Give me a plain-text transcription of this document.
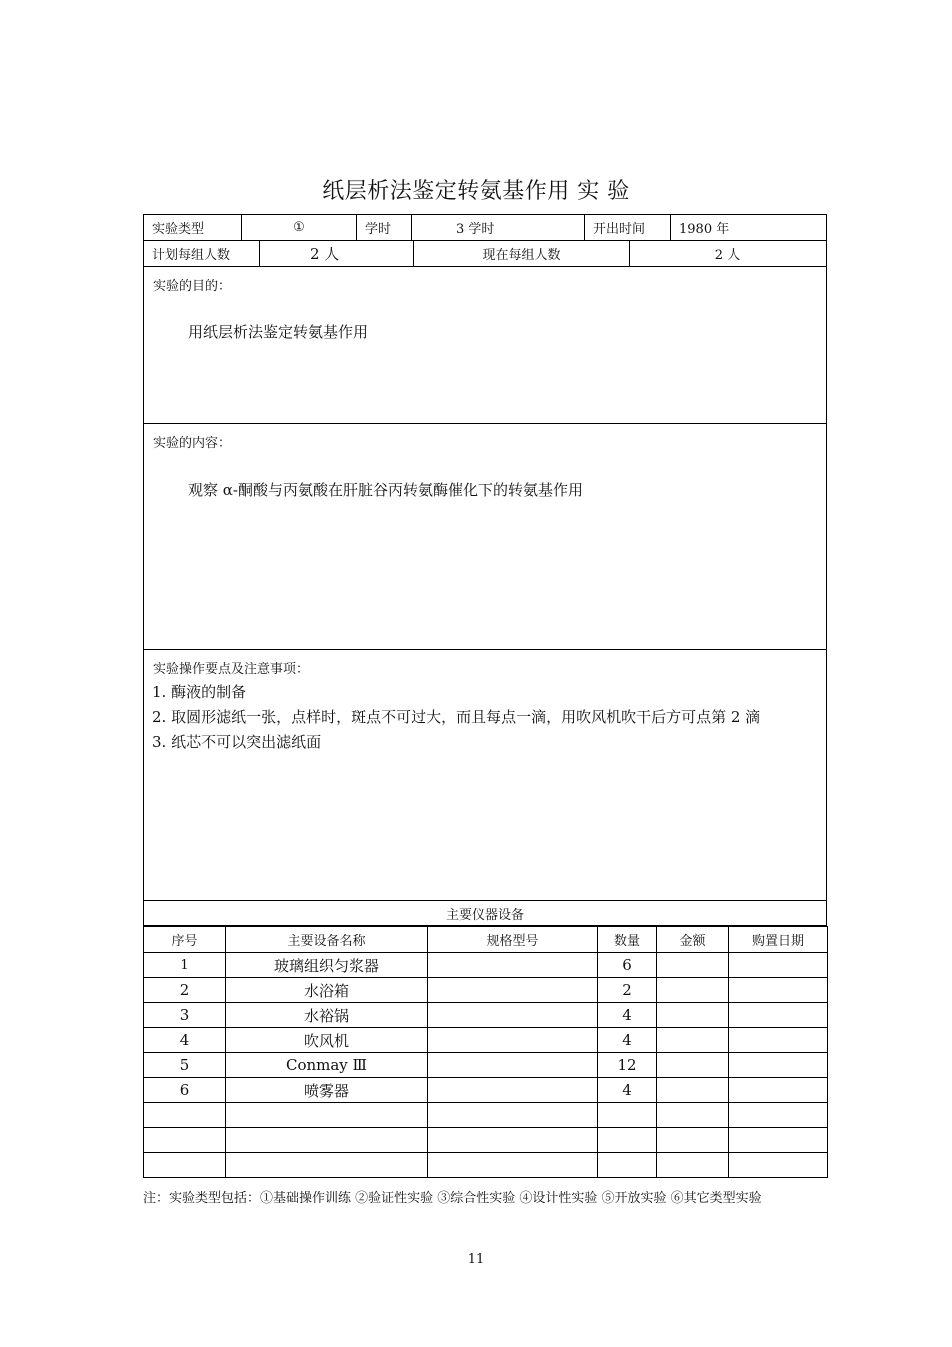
纸层析法鉴定转氨基作用 实 验
实验类型	①	学时	3 学时	开出时间	1980 年
计划每组人数	2 人	现在每组人数	2 人
实验的目的：
用纸层析法鉴定转氨基作用
实验的内容：
观察 α-酮酸与丙氨酸在肝脏谷丙转氨酶催化下的转氨基作用
实验操作要点及注意事项：

1. 酶液的制备

2. 取圆形滤纸一张，点样时，斑点不可过大，而且每点一滴，用吹风机吹干后方可点第 2 滴

3. 纸芯不可以突出滤纸面

主要仪器设备
序号	主要设备名称	规格型号	数量	金额	购置日期
1	玻璃组织匀浆器		6		
2	水浴箱		2		
3	水裕锅		4		
4	吹风机		4		
5	Conmay Ⅲ		12		
6	喷雾器		4		

注：实验类型包括：①基础操作训练 ②验证性实验 ③综合性实验 ④设计性实验 ⑤开放实验 ⑥其它类型实验
11
